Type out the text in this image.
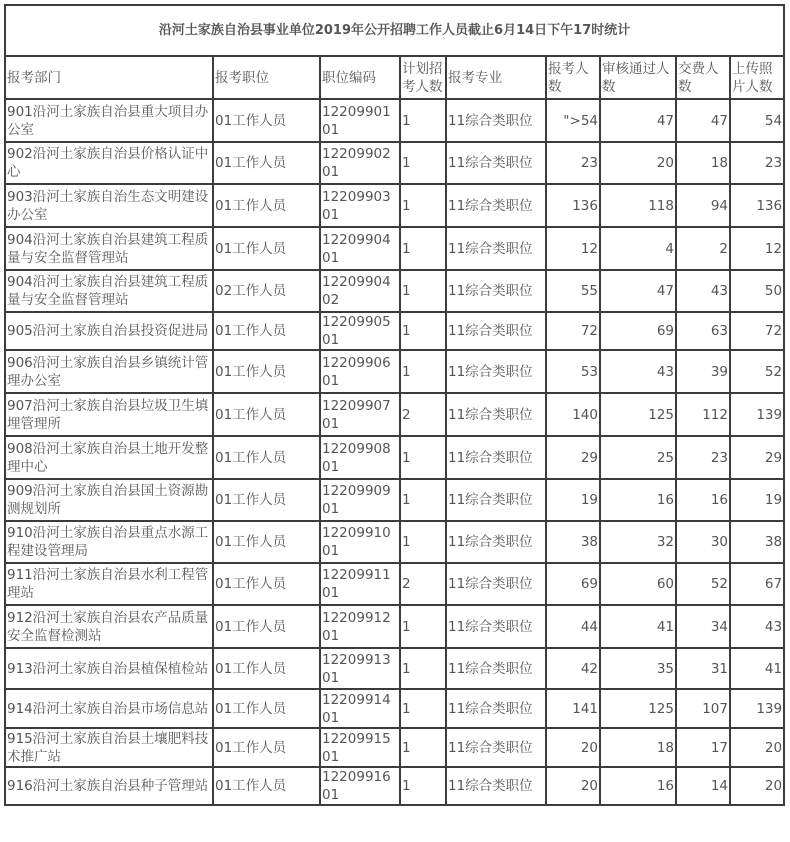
沿河土家族自治县事业单位2019年公开招聘工作人员截止6月14日下午17时统计								
报考部门	报考职位	职位编码	计划招考人数	报考专业	报考人数	审核通过人数	交费人数	上传照片人数
901沿河土家族自治县重大项目办公室	01工作人员	1220990101	1	11综合类职位	">54	47	47	54
902沿河土家族自治县价格认证中心	01工作人员	1220990201	1	11综合类职位	23	20	18	23
903沿河土家族自治生态文明建设办公室	01工作人员	1220990301	1	11综合类职位	136	118	94	136
904沿河土家族自治县建筑工程质量与安全监督管理站	01工作人员	1220990401	1	11综合类职位	12	4	2	12
904沿河土家族自治县建筑工程质量与安全监督管理站	02工作人员	1220990402	1	11综合类职位	55	47	43	50
905沿河土家族自治县投资促进局	01工作人员	1220990501	1	11综合类职位	72	69	63	72
906沿河土家族自治县乡镇统计管理办公室	01工作人员	1220990601	1	11综合类职位	53	43	39	52
907沿河土家族自治县垃圾卫生填埋管理所	01工作人员	1220990701	2	11综合类职位	140	125	112	139
908沿河土家族自治县土地开发整理中心	01工作人员	1220990801	1	11综合类职位	29	25	23	29
909沿河土家族自治县国土资源勘测规划所	01工作人员	1220990901	1	11综合类职位	19	16	16	19
910沿河土家族自治县重点水源工程建设管理局	01工作人员	1220991001	1	11综合类职位	38	32	30	38
911沿河土家族自治县水利工程管理站	01工作人员	1220991101	2	11综合类职位	69	60	52	67
912沿河土家族自治县农产品质量安全监督检测站	01工作人员	1220991201	1	11综合类职位	44	41	34	43
913沿河土家族自治县植保植检站	01工作人员	1220991301	1	11综合类职位	42	35	31	41
914沿河土家族自治县市场信息站	01工作人员	1220991401	1	11综合类职位	141	125	107	139
915沿河土家族自治县土壤肥料技术推广站	01工作人员	1220991501	1	11综合类职位	20	18	17	20
916沿河土家族自治县种子管理站	01工作人员	1220991601	1	11综合类职位	20	16	14	20
